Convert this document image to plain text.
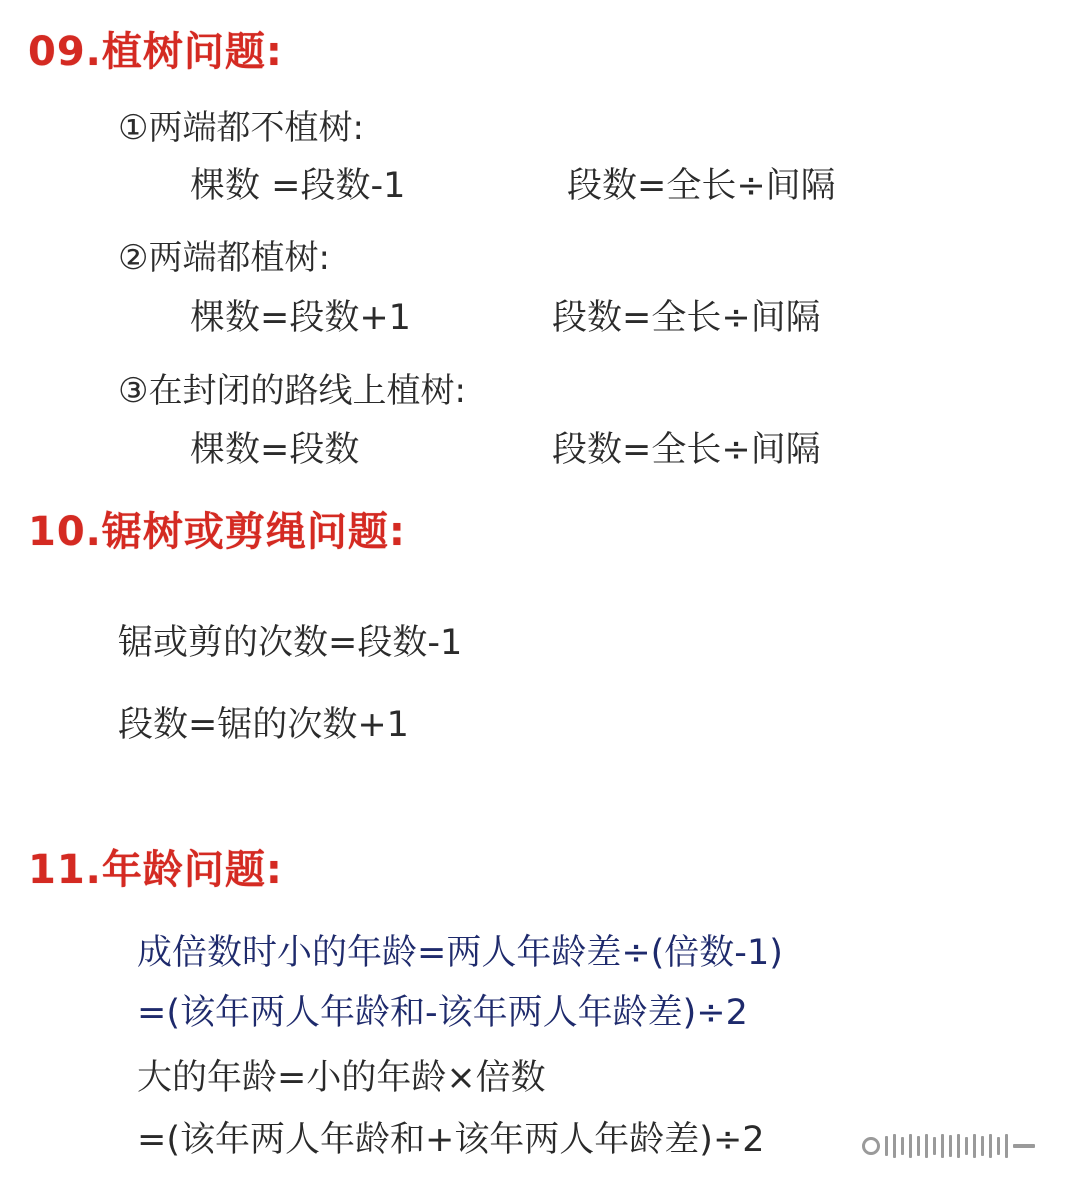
09.植树问题:
①两端都不植树:
棵数 =段数-1	段数=全长÷间隔
②两端都植树:
棵数=段数+1	段数=全长÷间隔
③在封闭的路线上植树:
棵数=段数	段数=全长÷间隔
10.锯树或剪绳问题:
锯或剪的次数=段数-1
段数=锯的次数+1
11.年龄问题:
成倍数时小的年龄=两人年龄差÷(倍数-1)
=(该年两人年龄和-该年两人年龄差)÷2
大的年龄=小的年龄×倍数
=(该年两人年龄和+该年两人年龄差)÷2
